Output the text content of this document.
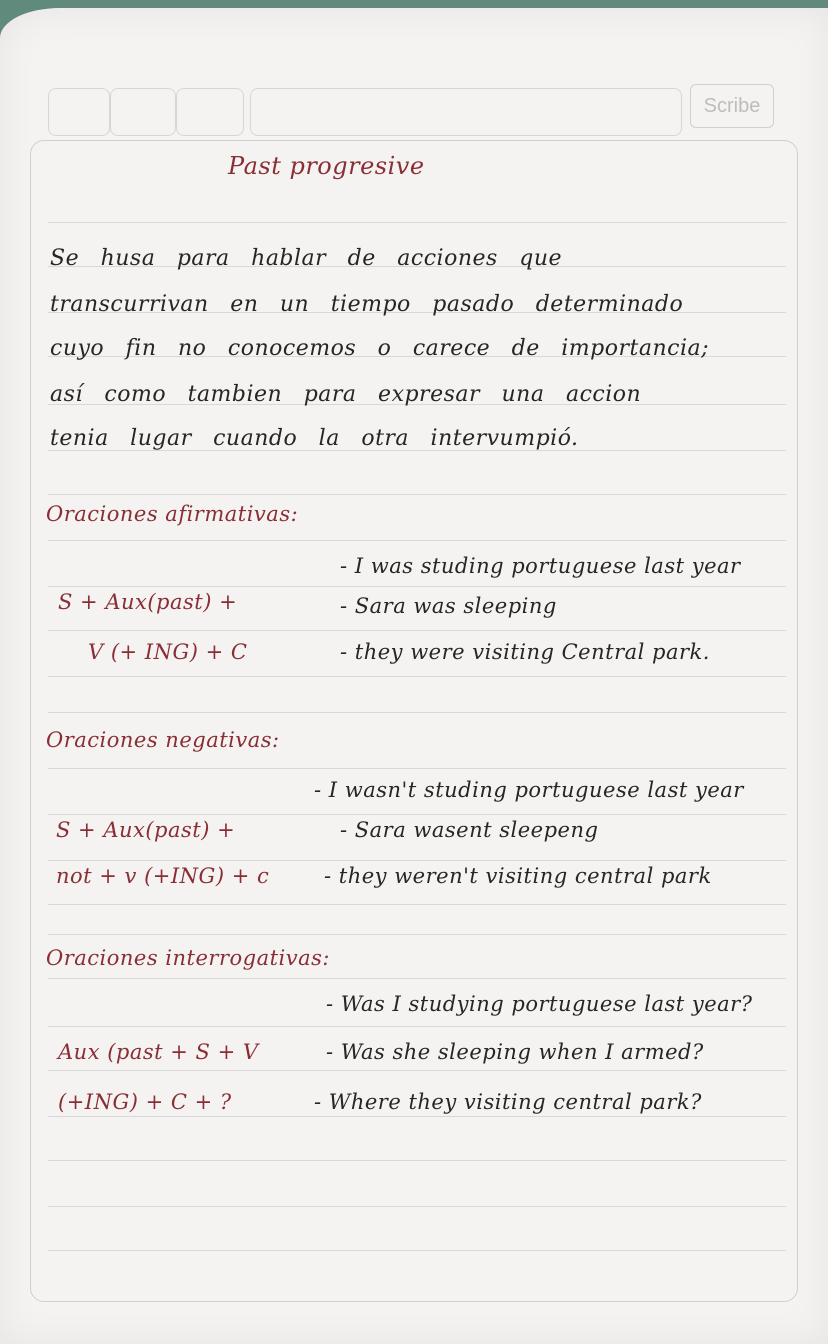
Scribe
Past progresive
Se husa para hablar de acciones que
transcurrivan en un tiempo pasado determinado
cuyo fin no conocemos o carece de importancia;
así como tambien para expresar una accion
tenia lugar cuando la otra intervumpió.
Oraciones afirmativas:
- I was studing portuguese last year
S + Aux(past) +	- Sara was sleeping
V (+ ING) + C	- they were visiting Central park.
Oraciones negativas:
- I wasn't studing portuguese last year
S + Aux(past) +	- Sara wasent sleepeng
not + v (+ING) + c	- they weren't visiting central park
Oraciones interrogativas:
- Was I studying portuguese last year?
Aux (past + S + V	- Was she sleeping when I armed?
(+ING) + C + ?	- Where they visiting central park?
